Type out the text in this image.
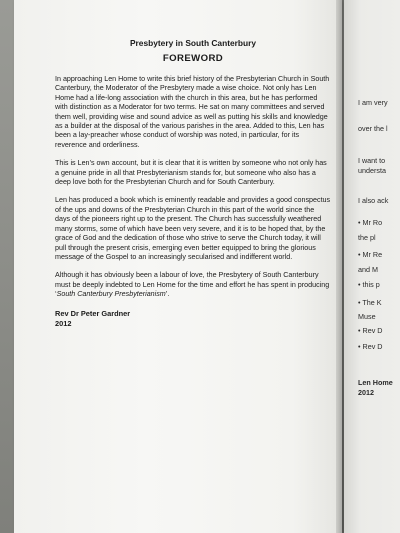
Presbytery in South Canterbury
FOREWORD

In approaching Len Home to write this brief history of the Presbyterian Church in South Canterbury, the Moderator of the Presbytery made a wise choice. Not only has Len Home had a life-long association with the church in this area, but he has performed with distinction as a Moderator for two terms. He sat on many committees and served them well, providing wise and sound advice as well as putting his skills and knowledge as a builder at the disposal of the various parishes in the area. Added to this, Len has been a lay-preacher whose conduct of worship was noted, in particular, for its reverence and orderliness.

This is Len’s own account, but it is clear that it is written by someone who not only has a genuine pride in all that Presbyterianism stands for, but someone who also has a deep love both for the Presbyterian Church and for South Canterbury.

Len has produced a book which is eminently readable and provides a good conspectus of the ups and downs of the Presbyterian Church in this part of the world since the days of the pioneers right up to the present. The Church has successfully weathered many storms, some of which have been very severe, and it is to be hoped that, by the grace of God and the dedication of those who strive to serve the Church today, it will pull through the present crisis, emerging even better equipped to bring the glorious message of the Gospel to an increasingly secularised and indifferent world.

Although it has obviously been a labour of love, the Presbytery of South Canterbury must be deeply indebted to Len Home for the time and effort he has spent in producing ‘South Canterbury Presbyterianism’.

Rev Dr Peter Gardner

2012

I am very
over the l
I want to
understa
I also ack
• Mr Ro
the pl
• Mr Re
and M
• this p
• The K
Muse
• Rev D
• Rev D
Len Home
2012
